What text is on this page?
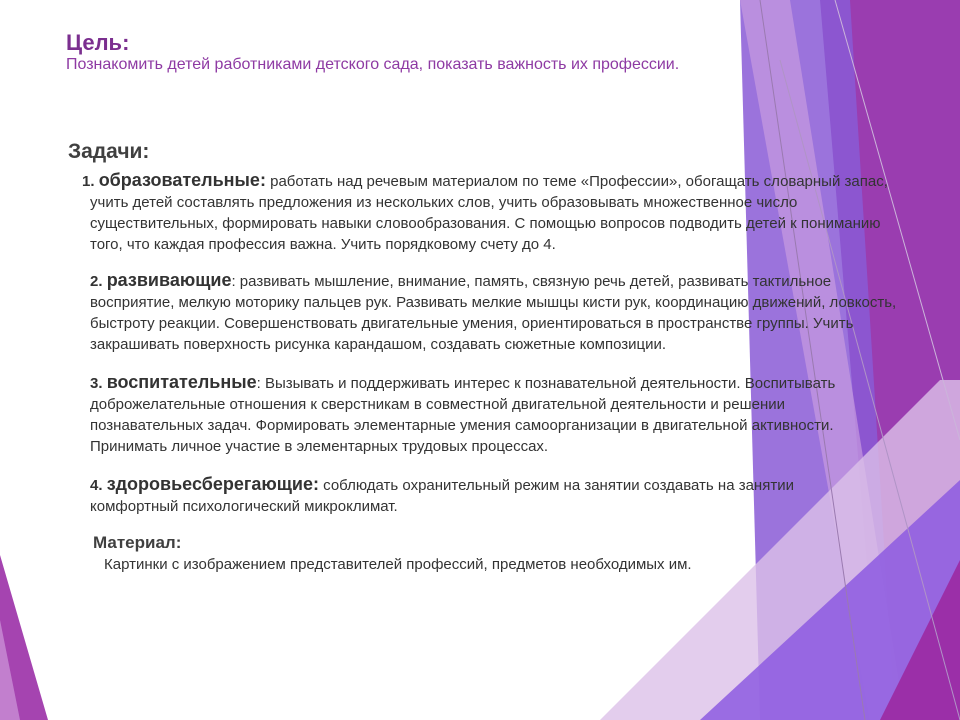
Цель:
Познакомить детей работниками детского сада, показать важность их профессии.
Задачи:
1. образовательные: работать над речевым материалом по теме «Профессии», обогащать словарный запас, учить детей составлять предложения из нескольких слов, учить образовывать множественное число существительных, формировать навыки словообразования. С помощью вопросов подводить детей к пониманию того, что каждая профессия важна. Учить порядковому счету до 4.
2. развивающие: развивать мышление, внимание, память, связную речь детей, развивать тактильное восприятие, мелкую моторику пальцев рук. Развивать мелкие мышцы кисти рук, координацию движений, ловкость, быстроту реакции. Совершенствовать двигательные умения, ориентироваться в пространстве группы. Учить закрашивать поверхность рисунка карандашом, создавать сюжетные композиции.
3. воспитательные: Вызывать и поддерживать интерес к познавательной деятельности. Воспитывать доброжелательные отношения к сверстникам в совместной двигательной деятельности и решении познавательных задач. Формировать элементарные умения самоорганизации в двигательной активности. Принимать личное участие в элементарных трудовых процессах.
4. здоровьесберегающие: соблюдать охранительный режим на занятии создавать на занятии комфортный психологический микроклимат.
Материал:
Картинки с изображением представителей профессий, предметов необходимых им.
